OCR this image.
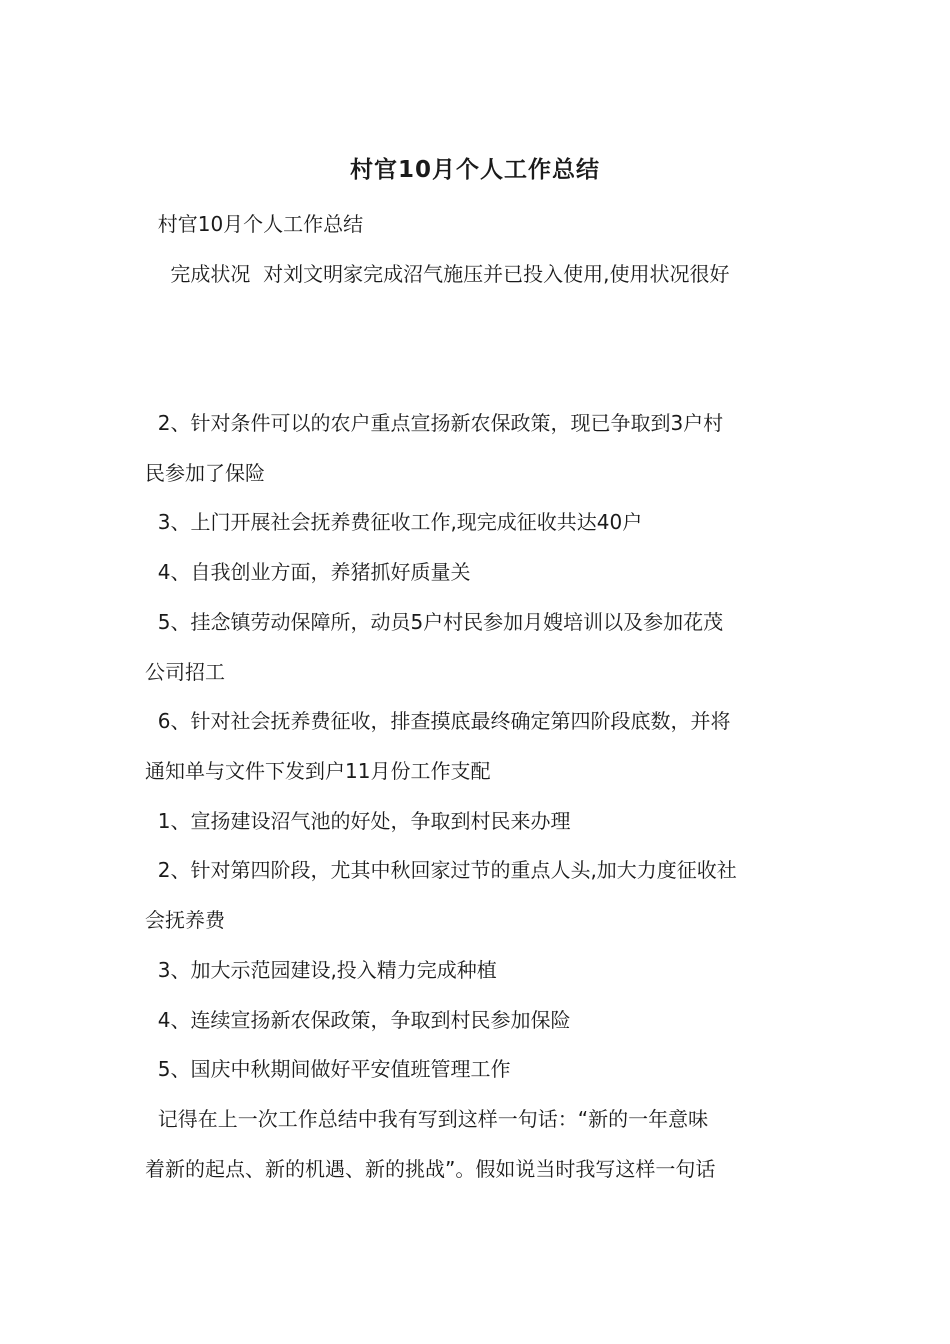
村官10月个人工作总结
村官10月个人工作总结
完成状况  对刘文明家完成沼气施压并已投入使用,使用状况很好
2、针对条件可以的农户重点宣扬新农保政策，现已争取到3户村
民参加了保险
3、上门开展社会抚养费征收工作,现完成征收共达40户
4、自我创业方面，养猪抓好质量关
5、挂念镇劳动保障所，动员5户村民参加月嫂培训以及参加花茂
公司招工
6、针对社会抚养费征收，排查摸底最终确定第四阶段底数，并将
通知单与文件下发到户11月份工作支配
1、宣扬建设沼气池的好处，争取到村民来办理
2、针对第四阶段，尤其中秋回家过节的重点人头,加大力度征收社
会抚养费
3、加大示范园建设,投入精力完成种植
4、连续宣扬新农保政策，争取到村民参加保险
5、国庆中秋期间做好平安值班管理工作
记得在上一次工作总结中我有写到这样一句话：“新的一年意味
着新的起点、新的机遇、新的挑战”。假如说当时我写这样一句话
